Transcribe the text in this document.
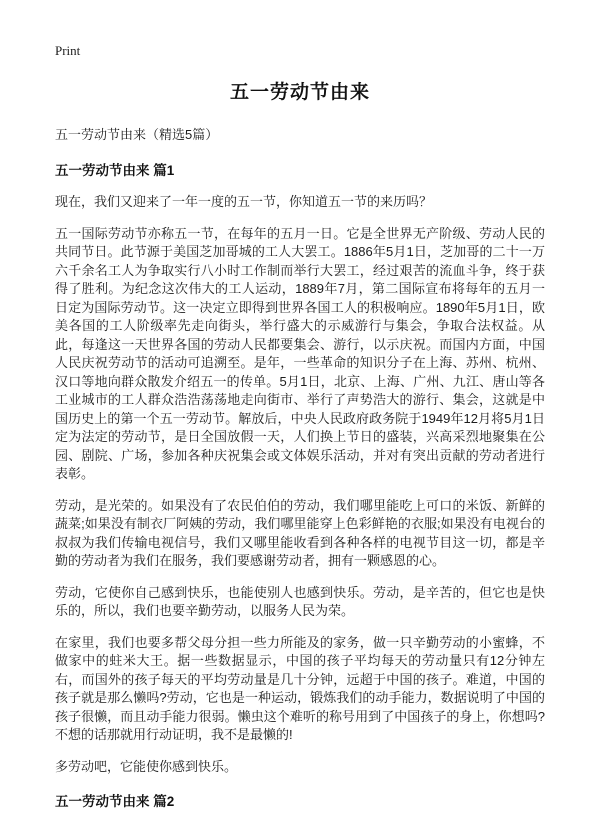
Print
五一劳动节由来

五一劳动节由来（精选5篇）

五一劳动节由来 篇1

现在，我们又迎来了一年一度的五一节，你知道五一节的来历吗？

五一国际劳动节亦称五一节，在每年的五月一日。它是全世界无产阶级、劳动人民的共同节日。此节源于美国芝加哥城的工人大罢工。1886年5月1日，芝加哥的二十一万六千余名工人为争取实行八小时工作制而举行大罢工，经过艰苦的流血斗争，终于获得了胜利。为纪念这次伟大的工人运动，1889年7月，第二国际宣布将每年的五月一日定为国际劳动节。这一决定立即得到世界各国工人的积极响应。1890年5月1日，欧美各国的工人阶级率先走向街头，举行盛大的示威游行与集会，争取合法权益。从此，每逢这一天世界各国的劳动人民都要集会、游行，以示庆祝。而国内方面，中国人民庆祝劳动节的活动可追溯至。是年，一些革命的知识分子在上海、苏州、杭州、汉口等地向群众散发介绍五一的传单。5月1日，北京、上海、广州、九江、唐山等各工业城市的工人群众浩浩荡荡地走向街市、举行了声势浩大的游行、集会，这就是中国历史上的第一个五一劳动节。解放后，中央人民政府政务院于1949年12月将5月1日定为法定的劳动节，是日全国放假一天，人们换上节日的盛装，兴高采烈地聚集在公园、剧院、广场，参加各种庆祝集会或文体娱乐活动，并对有突出贡献的劳动者进行表彰。

劳动，是光荣的。如果没有了农民伯伯的劳动，我们哪里能吃上可口的米饭、新鲜的蔬菜;如果没有制衣厂阿姨的劳动，我们哪里能穿上色彩鲜艳的衣服;如果没有电视台的叔叔为我们传输电视信号，我们又哪里能收看到各种各样的电视节目这一切，都是辛勤的劳动者为我们在服务，我们要感谢劳动者，拥有一颗感恩的心。

劳动，它使你自己感到快乐，也能使别人也感到快乐。劳动，是辛苦的，但它也是快乐的，所以，我们也要辛勤劳动，以服务人民为荣。

在家里，我们也要多帮父母分担一些力所能及的家务，做一只辛勤劳动的小蜜蜂，不做家中的蛀米大王。据一些数据显示，中国的孩子平均每天的劳动量只有12分钟左右，而国外的孩子每天的平均劳动量是几十分钟，远超于中国的孩子。难道，中国的孩子就是那么懒吗?劳动，它也是一种运动，锻炼我们的动手能力，数据说明了中国的孩子很懒，而且动手能力很弱。懒虫这个难听的称号用到了中国孩子的身上，你想吗?不想的话那就用行动证明，我不是最懒的!

多劳动吧，它能使你感到快乐。

五一劳动节由来 篇2
